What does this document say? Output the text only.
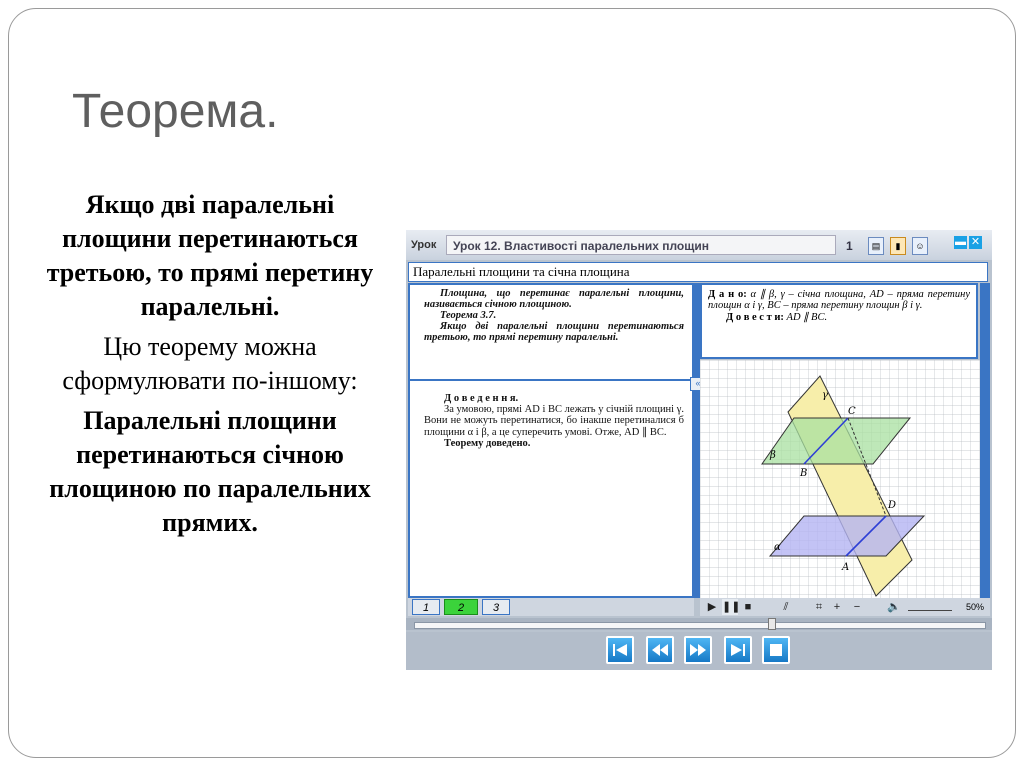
Теорема.

Якщо дві паралельні площини перетинаються третьою, то прямі перетину паралельні.

Цю теорему можна сформулювати по-іншому:

Паралельні площини перетинаються січною площиною по паралельних прямих.

Урок	Урок 12. Властивості паралельних площин	1	▤	▮	☺	▬ ✕
Паралельні площини та січна площина
Площина, що перетинає паралельні площини, називається січною площиною.
Теорема 3.7.
Якщо дві паралельні площини перетинаються третьою, то прямі перетину паралельні.
Д о в е д е н н я.
За умовою, прямі AD і BC лежать у січній площині γ. Вони не можуть перетинатися, бо інакше перетиналися б площини α і β, а це суперечить умові. Отже, AD ∥ BC.
Теорему доведено.
«
Д а н о: α ∥ β, γ – січна площина, AD – пряма перетину площин α і γ, BC – пряма перетину площин β і γ.
Д о в е с т и: AD ∥ BC.
γ
β
α
C
B
D
A
1	2	3	▶ ❚❚ ■	⫽	⌗	+	−	🔈	50%
